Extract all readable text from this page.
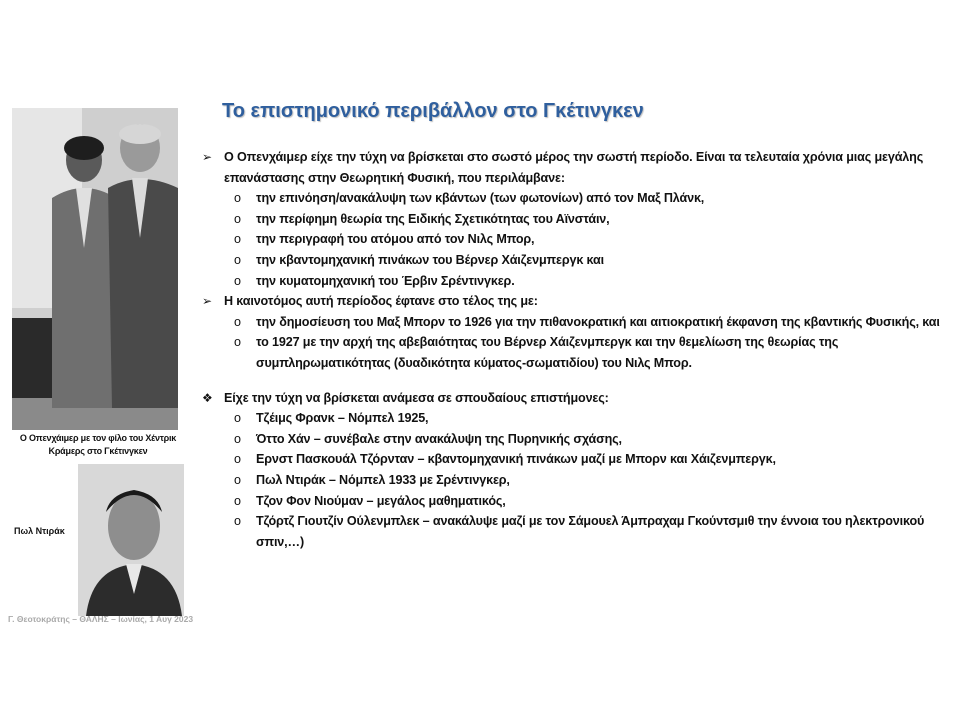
Το επιστημονικό περιβάλλον στο Γκέτινγκεν
Ο Οπενχάιμερ με τον φίλο του Χέντρικ Κράμερς στο Γκέτινγκεν
Πωλ Ντιράκ
Γ. Θεοτοκράτης – ΘΑΛΗΣ – Ιωνίας, 1 Αυγ 2023
➢ Ο Οπενχάιμερ είχε την τύχη να βρίσκεται στο σωστό μέρος την σωστή περίοδο. Είναι τα τελευταία χρόνια μιας μεγάλης επανάστασης στην Θεωρητική Φυσική, που περιλάμβανε:
o την επινόηση/ανακάλυψη των κβάντων (των φωτονίων) από τον Μαξ Πλάνκ,
o την περίφημη θεωρία της Ειδικής Σχετικότητας του Αϊνστάιν,
o την περιγραφή του ατόμου από τον Νιλς Μπορ,
o την κβαντομηχανική πινάκων του Βέρνερ Χάιζενμπεργκ και
o την κυματομηχανική του Έρβιν Σρέντινγκερ.
➢ Η καινοτόμος αυτή περίοδος έφτανε στο τέλος της με:
o την δημοσίευση του Μαξ Μπορν το 1926 για την πιθανοκρατική και αιτιοκρατική έκφανση της κβαντικής Φυσικής, και
o το 1927 με την αρχή της αβεβαιότητας του Βέρνερ Χάιζενμπεργκ και την θεμελίωση της θεωρίας της συμπληρωματικότητας (δυαδικότητα κύματος-σωματιδίου) του Νιλς Μπορ.
❖ Είχε την τύχη να βρίσκεται ανάμεσα σε σπουδαίους επιστήμονες:
o Τζέιμς Φρανκ – Νόμπελ 1925,
o Όττο Χάν – συνέβαλε στην ανακάλυψη της Πυρηνικής σχάσης,
o Ερνστ Πασκουάλ Τζόρνταν – κβαντομηχανική πινάκων μαζί με Μπορν και Χάιζενμπεργκ,
o Πωλ Ντιράκ – Νόμπελ 1933 με Σρέντινγκερ,
o Τζον Φον Νιούμαν – μεγάλος μαθηματικός,
o Τζόρτζ Γιουτζίν Ούλενμπλεκ – ανακάλυψε μαζί με τον Σάμουελ Άμπραχαμ Γκούντσμιθ την έννοια του ηλεκτρονικού σπιν,…)
